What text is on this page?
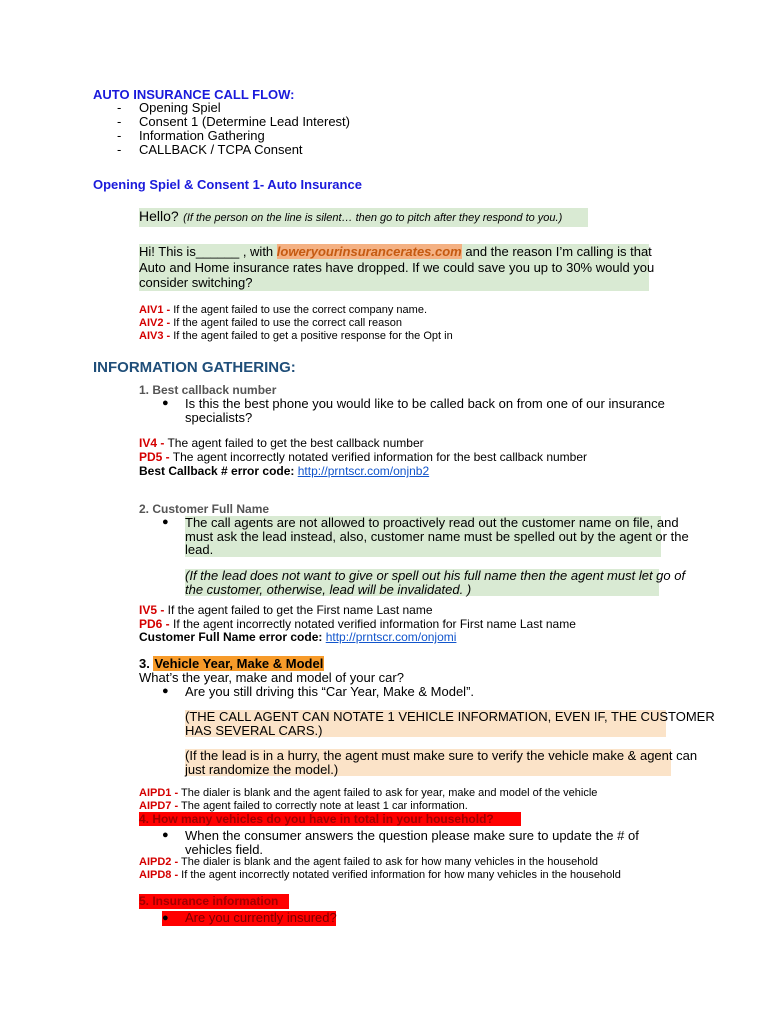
AUTO INSURANCE CALL FLOW:
- Opening Spiel
- Consent 1 (Determine Lead Interest)
- Information Gathering
- CALLBACK / TCPA Consent
Opening Spiel & Consent 1- Auto Insurance
Hello? (If the person on the line is silent… then go to pitch after they respond to you.)
Hi! This is______ , with loweryourinsurancerates.com and the reason I’m calling is that
Auto and Home insurance rates have dropped. If we could save you up to 30% would you
consider switching?
AIV1 - If the agent failed to use the correct company name.
AIV2 - If the agent failed to use the correct call reason
AIV3 - If the agent failed to get a positive response for the Opt in
INFORMATION GATHERING:
1. Best callback number
● Is this the best phone you would like to be called back on from one of our insurance
specialists?
IV4 - The agent failed to get the best callback number
PD5 - The agent incorrectly notated verified information for the best callback number
Best Callback # error code: http://prntscr.com/onjnb2
2. Customer Full Name
● The call agents are not allowed to proactively read out the customer name on file, and
must ask the lead instead, also, customer name must be spelled out by the agent or the
lead.
(If the lead does not want to give or spell out his full name then the agent must let go of
the customer, otherwise, lead will be invalidated. )
IV5 - If the agent failed to get the First name Last name
PD6 - If the agent incorrectly notated verified information for First name Last name
Customer Full Name error code: http://prntscr.com/onjomi
3. Vehicle Year, Make & Model
What’s the year, make and model of your car?
● Are you still driving this “Car Year, Make & Model”.
(THE CALL AGENT CAN NOTATE 1 VEHICLE INFORMATION, EVEN IF, THE CUSTOMER
HAS SEVERAL CARS.)
(If the lead is in a hurry, the agent must make sure to verify the vehicle make & agent can
just randomize the model.)
AIPD1 - The dialer is blank and the agent failed to ask for year, make and model of the vehicle
AIPD7 - The agent failed to correctly note at least 1 car information.
4. How many vehicles do you have in total in your household?
● When the consumer answers the question please make sure to update the # of
vehicles field.
AIPD2 - The dialer is blank and the agent failed to ask for how many vehicles in the household
AIPD8 - If the agent incorrectly notated verified information for how many vehicles in the household
5. Insurance information
● Are you currently insured?
